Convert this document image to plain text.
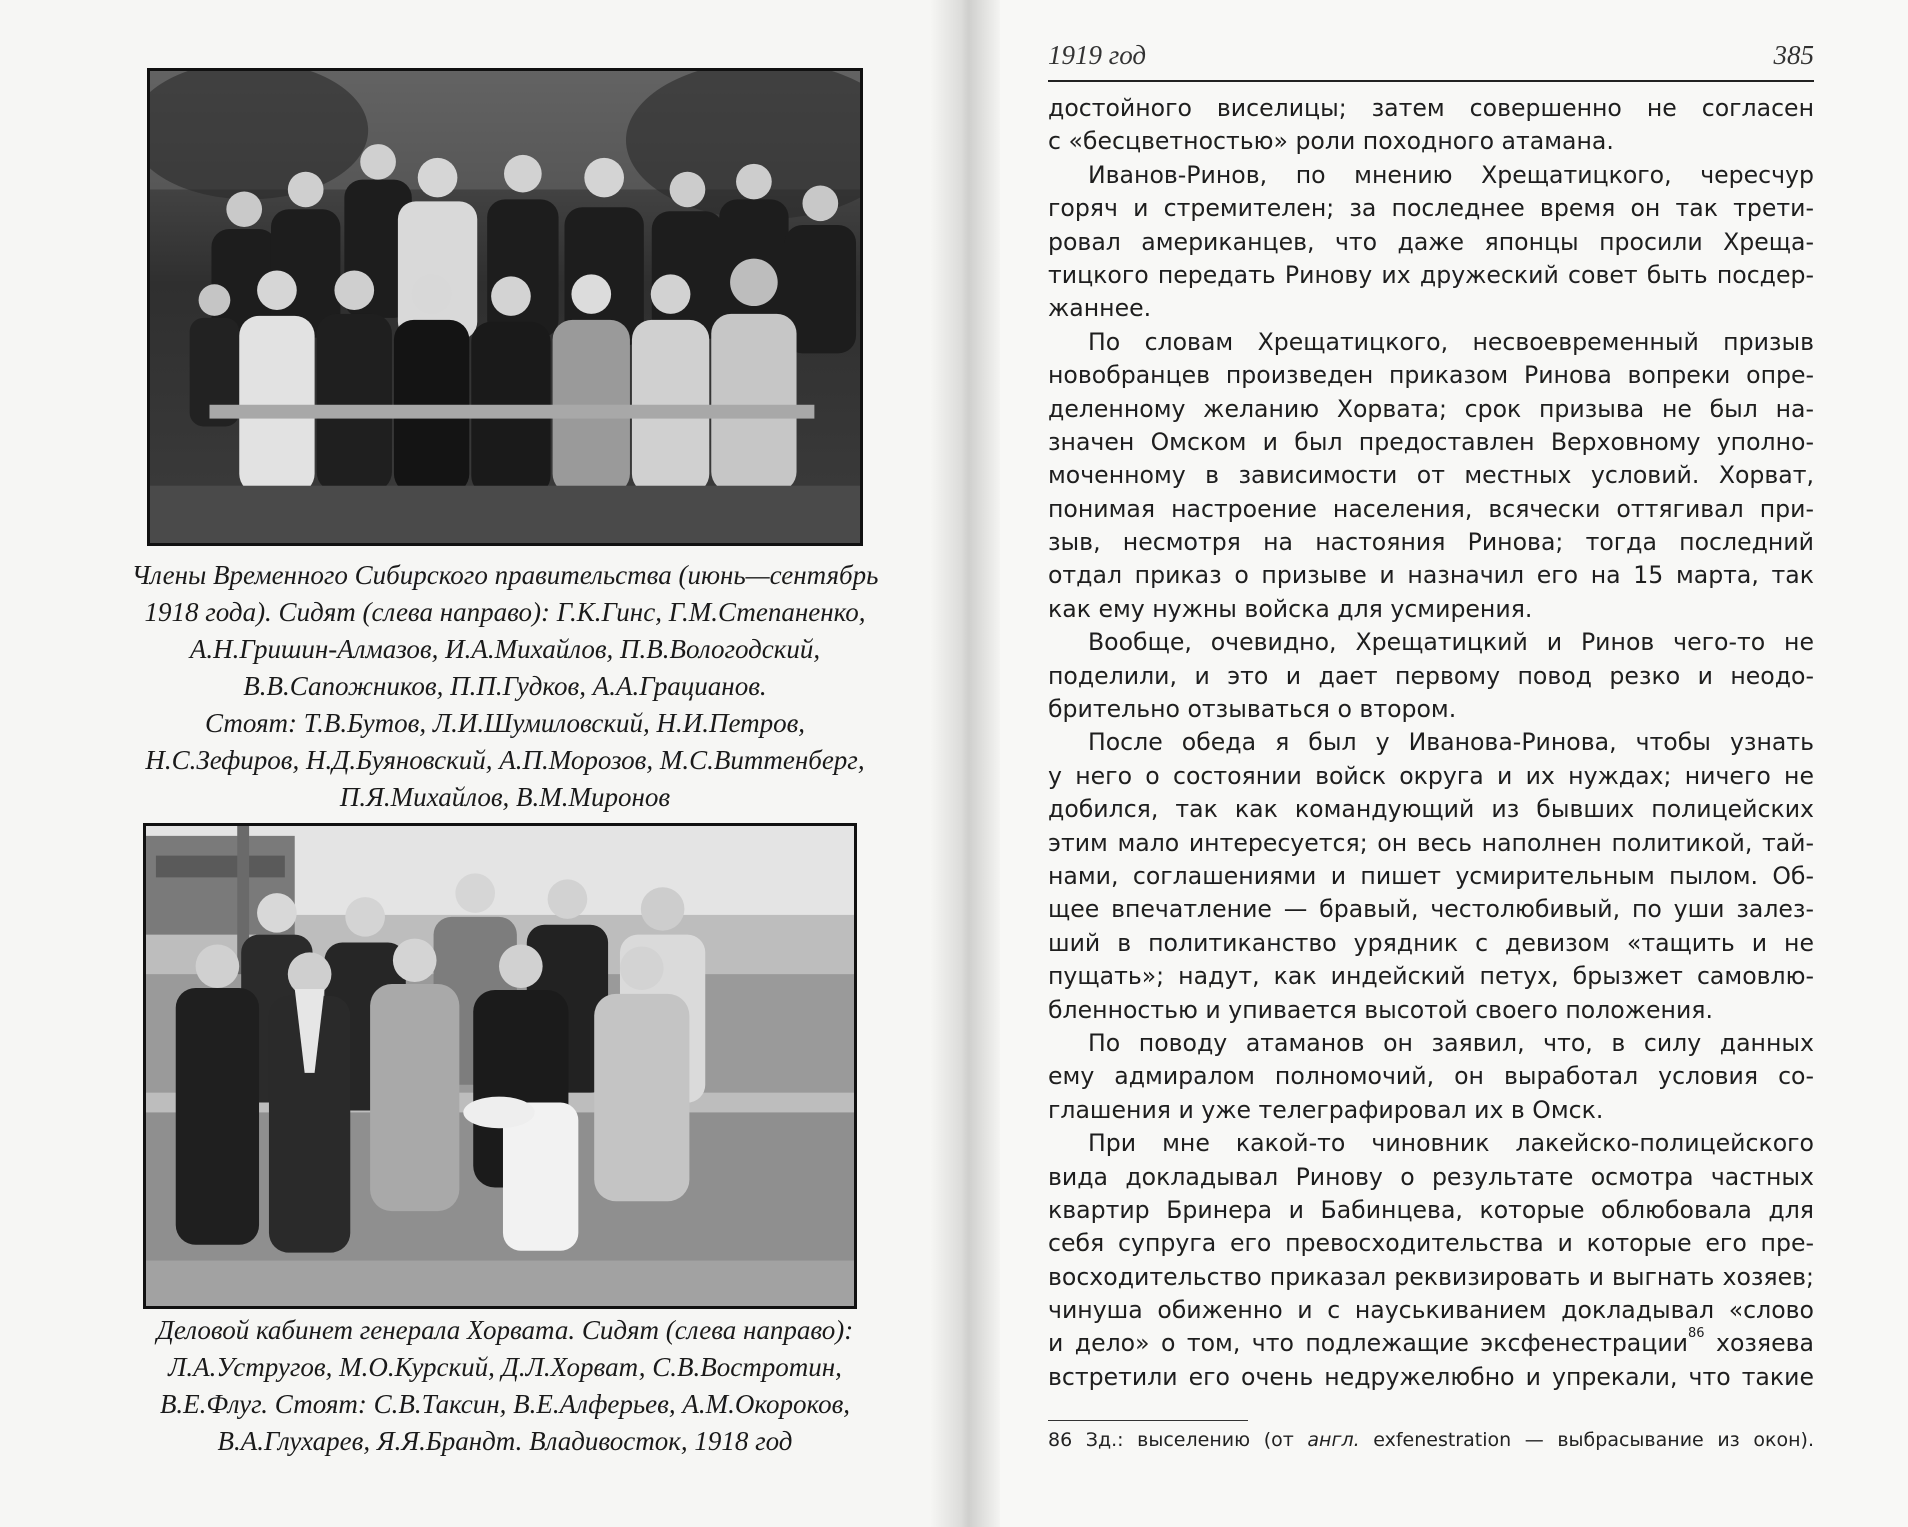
Члены Временного Сибирского правительства (июнь—сентябрь
1918 года). Сидят (слева направо): Г.К.Гинс, Г.М.Степаненко,
А.Н.Гришин-Алмазов, И.А.Михайлов, П.В.Вологодский,
В.В.Сапожников, П.П.Гудков, А.А.Грацианов.
Стоят: Т.В.Бутов, Л.И.Шумиловский, Н.И.Петров,
Н.С.Зефиров, Н.Д.Буяновский, А.П.Морозов, М.С.Виттенберг,
П.Я.Михайлов, В.М.Миронов
Деловой кабинет генерала Хорвата. Сидят (слева направо):
Л.А.Устругов, М.О.Курский, Д.Л.Хорват, С.В.Востротин,
В.Е.Флуг. Стоят: С.В.Таксин, В.Е.Алферьев, А.М.Окороков,
В.А.Глухарев, Я.Я.Брандт. Владивосток, 1918 год
1919 год	385
достойного виселицы; затем совершенно не согласен
с «бесцветностью» роли походного атамана.
Иванов-Ринов, по мнению Хрещатицкого, чересчур
горяч и стремителен; за последнее время он так трети-
ровал американцев, что даже японцы просили Хреща-
тицкого передать Ринову их дружеский совет быть посдер-
жаннее.
По словам Хрещатицкого, несвоевременный призыв
новобранцев произведен приказом Ринова вопреки опре-
деленному желанию Хорвата; срок призыва не был на-
значен Омском и был предоставлен Верховному уполно-
моченному в зависимости от местных условий. Хорват,
понимая настроение населения, всячески оттягивал при-
зыв, несмотря на настояния Ринова; тогда последний
отдал приказ о призыве и назначил его на 15 марта, так
как ему нужны войска для усмирения.
Вообще, очевидно, Хрещатицкий и Ринов чего-то не
поделили, и это и дает первому повод резко и неодо-
брительно отзываться о втором.
После обеда я был у Иванова-Ринова, чтобы узнать
у него о состоянии войск округа и их нуждах; ничего не
добился, так как командующий из бывших полицейских
этим мало интересуется; он весь наполнен политикой, тай-
нами, соглашениями и пишет усмирительным пылом. Об-
щее впечатление — бравый, честолюбивый, по уши залез-
ший в политиканство урядник с девизом «тащить и не
пущать»; надут, как индейский петух, брызжет самовлю-
бленностью и упивается высотой своего положения.
По поводу атаманов он заявил, что, в силу данных
ему адмиралом полномочий, он выработал условия со-
глашения и уже телеграфировал их в Омск.
При мне какой-то чиновник лакейско-полицейского
вида докладывал Ринову о результате осмотра частных
квартир Бринера и Бабинцева, которые облюбовала для
себя супруга его превосходительства и которые его пре-
восходительство приказал реквизировать и выгнать хозяев;
чинуша обиженно и с науськиванием докладывал «слово
и дело» о том, что подлежащие эксфенестрации$^{86}$ хозяева
встретили его очень недружелюбно и упрекали, что такие
86 Зд.: выселению (от англ. exfenestration — выбрасывание из окон).
